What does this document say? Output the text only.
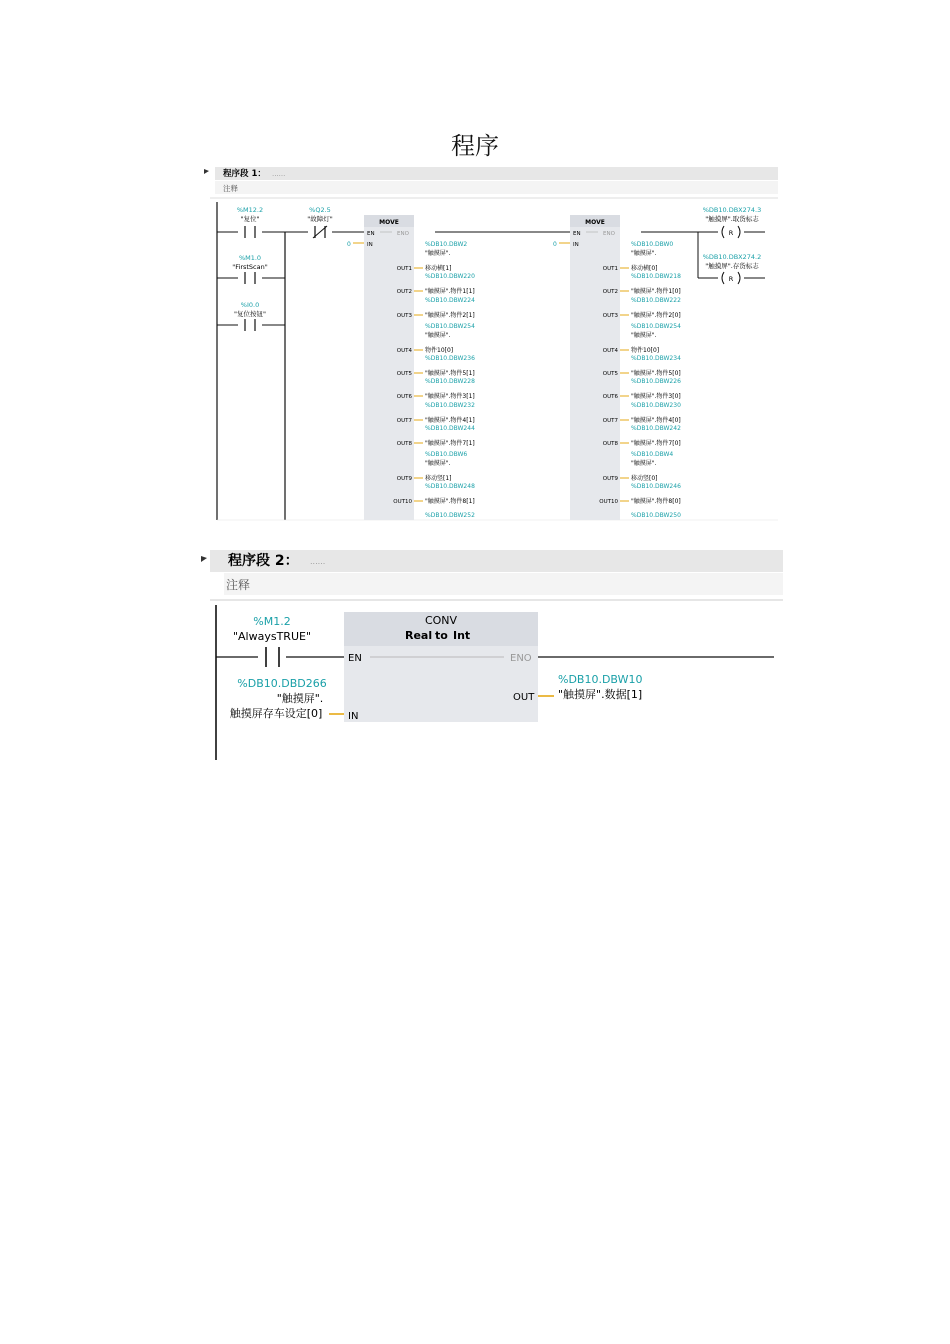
程序
程序段 1： ......
注释
%M12.2
"复位"
%M1.0
"FirstScan"
%I0.0
"复位按钮"
%Q2.5
"故障灯"	MOVE
EN	ENO
IN
0
MOVE
EN	ENO
IN
0
OUT1
%DB10.DBW2
"触摸屏".
移动横[1]
OUT2
%DB10.DBW220
"触摸屏".物件1[1]
OUT3
%DB10.DBW224
"触摸屏".物件2[1]
OUT4
%DB10.DBW254
"触摸屏".
物件10[0]
OUT5
%DB10.DBW236
"触摸屏".物件5[1]
OUT6
%DB10.DBW228
"触摸屏".物件3[1]
OUT7
%DB10.DBW232
"触摸屏".物件4[1]
OUT8
%DB10.DBW244
"触摸屏".物件7[1]
OUT9
%DB10.DBW6
"触摸屏".
移动竖[1]
OUT10
%DB10.DBW248
"触摸屏".物件8[1]
%DB10.DBW252
OUT1
%DB10.DBW0
"触摸屏".
移动横[0]
OUT2
%DB10.DBW218
"触摸屏".物件1[0]
OUT3
%DB10.DBW222
"触摸屏".物件2[0]
OUT4
%DB10.DBW254
"触摸屏".
物件10[0]
OUT5
%DB10.DBW234
"触摸屏".物件5[0]
OUT6
%DB10.DBW226
"触摸屏".物件3[0]
OUT7
%DB10.DBW230
"触摸屏".物件4[0]
OUT8
%DB10.DBW242
"触摸屏".物件7[0]
OUT9
%DB10.DBW4
"触摸屏".
移动竖[0]
OUT10
%DB10.DBW246
"触摸屏".物件8[0]
%DB10.DBW250
%DB10.DBX274.3
"触摸屏".取货标志
R
%DB10.DBX274.2
"触摸屏".存货标志
R
程序段 2： ......
注释
%M1.2
"AlwaysTRUE"
CONV
Real to Int
EN	ENO
IN
OUT
%DB10.DBW10
"触摸屏".数据[1]
%DB10.DBD266
"触摸屏".
触摸屏存车设定[0]
